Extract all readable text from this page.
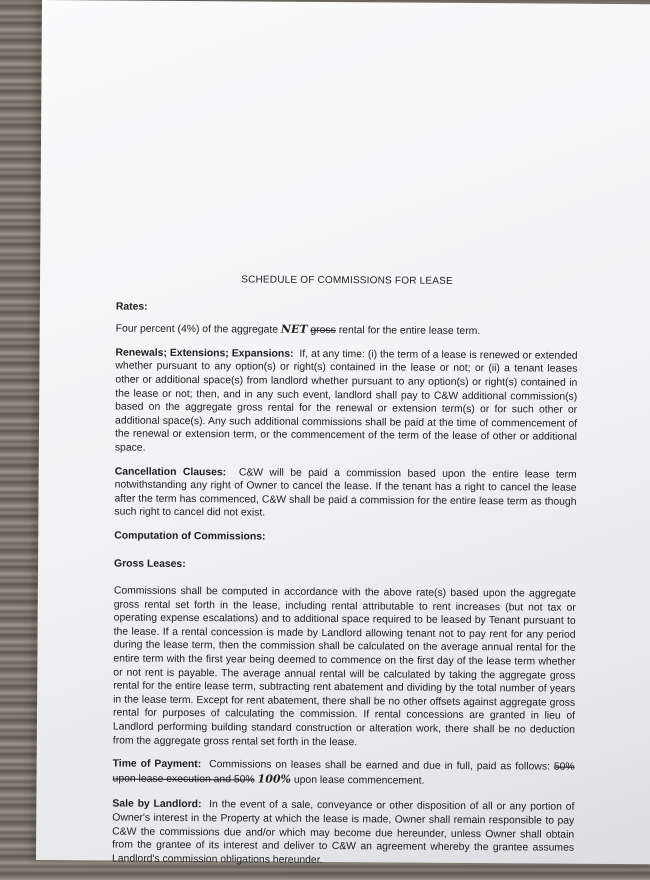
SCHEDULE OF COMMISSIONS FOR LEASE
Rates:

Four percent (4%) of the aggregate NET gross rental for the entire lease term.

Renewals; Extensions; Expansions: If, at any time: (i) the term of a lease is renewed or extended whether pursuant to any option(s) or right(s) contained in the lease or not; or (ii) a tenant leases other or additional space(s) from landlord whether pursuant to any option(s) or right(s) contained in the lease or not; then, and in any such event, landlord shall pay to C&W additional commission(s) based on the aggregate gross rental for the renewal or extension term(s) or for such other or additional space(s). Any such additional commissions shall be paid at the time of commencement of the renewal or extension term, or the commencement of the term of the lease of other or additional space.

Cancellation Clauses: C&W will be paid a commission based upon the entire lease term notwithstanding any right of Owner to cancel the lease. If the tenant has a right to cancel the lease after the term has commenced, C&W shall be paid a commission for the entire lease term as though such right to cancel did not exist.

Computation of Commissions:
Gross Leases:

Commissions shall be computed in accordance with the above rate(s) based upon the aggregate gross rental set forth in the lease, including rental attributable to rent increases (but not tax or operating expense escalations) and to additional space required to be leased by Tenant pursuant to the lease. If a rental concession is made by Landlord allowing tenant not to pay rent for any period during the lease term, then the commission shall be calculated on the average annual rental for the entire term with the first year being deemed to commence on the first day of the lease term whether or not rent is payable. The average annual rental will be calculated by taking the aggregate gross rental for the entire lease term, subtracting rent abatement and dividing by the total number of years in the lease term. Except for rent abatement, there shall be no other offsets against aggregate gross rental for purposes of calculating the commission. If rental concessions are granted in lieu of Landlord performing building standard construction or alteration work, there shall be no deduction from the aggregate gross rental set forth in the lease.

Time of Payment: Commissions on leases shall be earned and due in full, paid as follows: 50% upon lease execution and 50% 100% upon lease commencement.

Sale by Landlord: In the event of a sale, conveyance or other disposition of all or any portion of Owner's interest in the Property at which the lease is made, Owner shall remain responsible to pay C&W the commissions due and/or which may become due hereunder, unless Owner shall obtain from the grantee of its interest and deliver to C&W an agreement whereby the grantee assumes Landlord's commission obligations hereunder.
